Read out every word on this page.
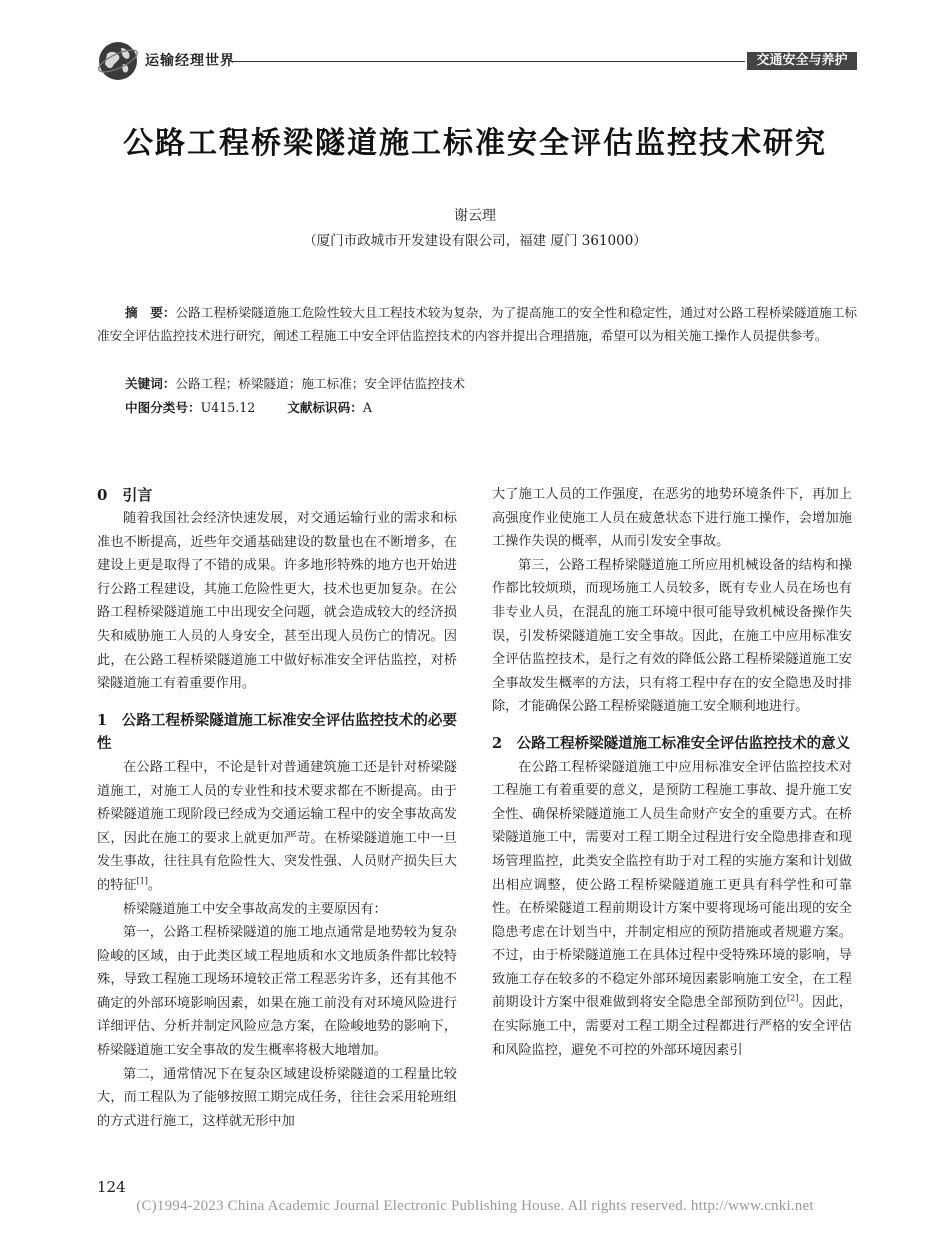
运输经理世界	交通安全与养护
公路工程桥梁隧道施工标准安全评估监控技术研究
谢云理
（厦门市政城市开发建设有限公司，福建 厦门 361000）
摘　要：公路工程桥梁隧道施工危险性较大且工程技术较为复杂，为了提高施工的安全性和稳定性，通过对公路工程桥梁隧道施工标准安全评估监控技术进行研究，阐述工程施工中安全评估监控技术的内容并提出合理措施，希望可以为相关施工操作人员提供参考。
关键词：公路工程；桥梁隧道；施工标准；安全评估监控技术
中图分类号：U415.12	文献标识码：A

0　引言

随着我国社会经济快速发展，对交通运输行业的需求和标准也不断提高，近些年交通基础建设的数量也在不断增多，在建设上更是取得了不错的成果。许多地形特殊的地方也开始进行公路工程建设，其施工危险性更大，技术也更加复杂。在公路工程桥梁隧道施工中出现安全问题，就会造成较大的经济损失和威胁施工人员的人身安全，甚至出现人员伤亡的情况。因此，在公路工程桥梁隧道施工中做好标准安全评估监控，对桥梁隧道施工有着重要作用。

1　公路工程桥梁隧道施工标准安全评估监控技术的必要性

在公路工程中，不论是针对普通建筑施工还是针对桥梁隧道施工，对施工人员的专业性和技术要求都在不断提高。由于桥梁隧道施工现阶段已经成为交通运输工程中的安全事故高发区，因此在施工的要求上就更加严苛。在桥梁隧道施工中一旦发生事故，往往具有危险性大、突发性强、人员财产损失巨大的特征[1]。

桥梁隧道施工中安全事故高发的主要原因有：

第一，公路工程桥梁隧道的施工地点通常是地势较为复杂险峻的区域，由于此类区域工程地质和水文地质条件都比较特殊，导致工程施工现场环境较正常工程恶劣许多，还有其他不确定的外部环境影响因素，如果在施工前没有对环境风险进行详细评估、分析并制定风险应急方案，在险峻地势的影响下，桥梁隧道施工安全事故的发生概率将极大地增加。

第二，通常情况下在复杂区域建设桥梁隧道的工程量比较大，而工程队为了能够按照工期完成任务，往往会采用轮班组的方式进行施工，这样就无形中加

大了施工人员的工作强度，在恶劣的地势环境条件下，再加上高强度作业使施工人员在疲惫状态下进行施工操作，会增加施工操作失误的概率，从而引发安全事故。

第三，公路工程桥梁隧道施工所应用机械设备的结构和操作都比较烦琐，而现场施工人员较多，既有专业人员在场也有非专业人员，在混乱的施工环境中很可能导致机械设备操作失误，引发桥梁隧道施工安全事故。因此，在施工中应用标准安全评估监控技术，是行之有效的降低公路工程桥梁隧道施工安全事故发生概率的方法，只有将工程中存在的安全隐患及时排除，才能确保公路工程桥梁隧道施工安全顺利地进行。

2　公路工程桥梁隧道施工标准安全评估监控技术的意义

在公路工程桥梁隧道施工中应用标准安全评估监控技术对工程施工有着重要的意义，是预防工程施工事故、提升施工安全性、确保桥梁隧道施工人员生命财产安全的重要方式。在桥梁隧道施工中，需要对工程工期全过程进行安全隐患排查和现场管理监控，此类安全监控有助于对工程的实施方案和计划做出相应调整，使公路工程桥梁隧道施工更具有科学性和可靠性。在桥梁隧道工程前期设计方案中要将现场可能出现的安全隐患考虑在计划当中，并制定相应的预防措施或者规避方案。不过，由于桥梁隧道施工在具体过程中受特殊环境的影响，导致施工存在较多的不稳定外部环境因素影响施工安全，在工程前期设计方案中很难做到将安全隐患全部预防到位[2]。因此，在实际施工中，需要对工程工期全过程都进行严格的安全评估和风险监控，避免不可控的外部环境因素引

124
(C)1994-2023 China Academic Journal Electronic Publishing House. All rights reserved. http://www.cnki.net
